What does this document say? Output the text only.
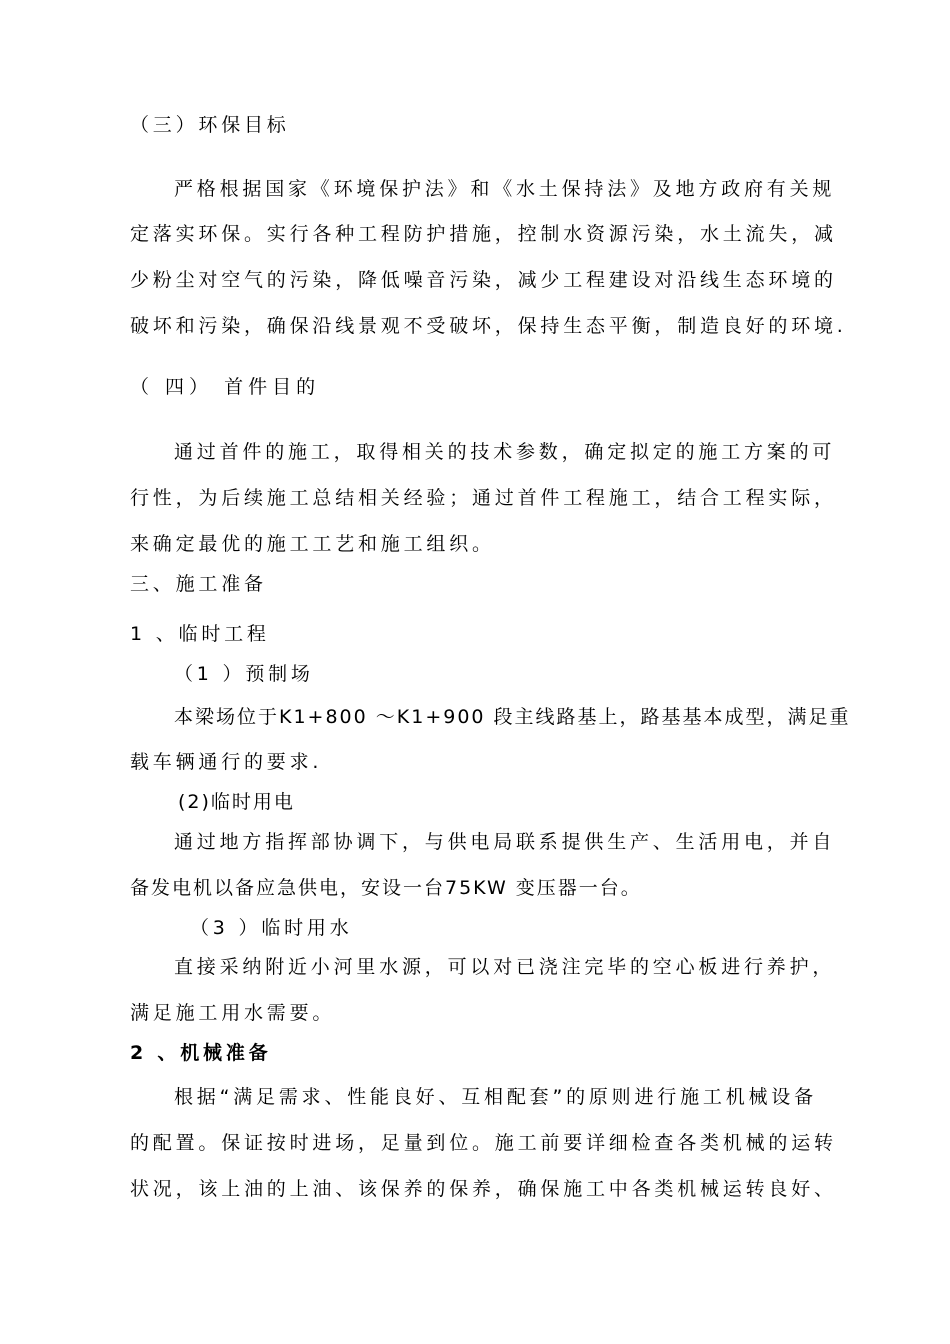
（三）环保目标
严格根据国家《环境保护法》和《水土保持法》及地方政府有关规
定落实环保。实行各种工程防护措施，控制水资源污染，水土流失，减
少粉尘对空气的污染，降低噪音污染，减少工程建设对沿线生态环境的
破坏和污染，确保沿线景观不受破坏，保持生态平衡，制造良好的环境.
（ 四） 首件目的
通过首件的施工，取得相关的技术参数，确定拟定的施工方案的可
行性，为后续施工总结相关经验；通过首件工程施工，结合工程实际，
来确定最优的施工工艺和施工组织。
三、施工准备
1 、临时工程
（1 ）预制场
本梁场位于K1+800 ～K1+900 段主线路基上，路基基本成型，满足重
载车辆通行的要求.
(2)临时用电
通过地方指挥部协调下，与供电局联系提供生产、生活用电，并自
备发电机以备应急供电，安设一台75KW 变压器一台。
（3 ）临时用水
直接采纳附近小河里水源，可以对已浇注完毕的空心板进行养护，
满足施工用水需要。
2 、机械准备
根据“满足需求、性能良好、互相配套”的原则进行施工机械设备
的配置。保证按时进场，足量到位。施工前要详细检查各类机械的运转
状况，该上油的上油、该保养的保养，确保施工中各类机械运转良好、
